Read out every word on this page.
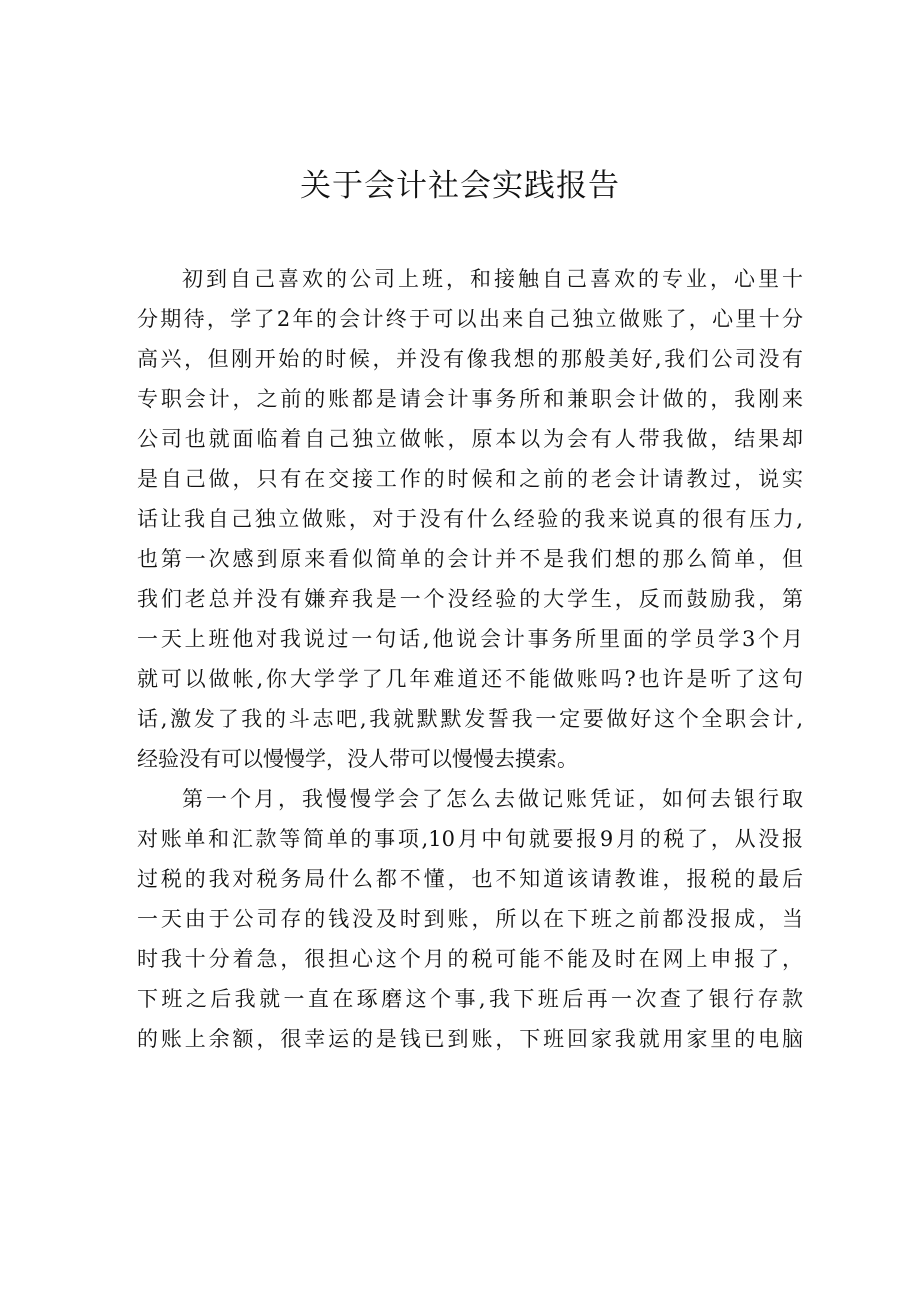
关于会计社会实践报告
初到自己喜欢的公司上班，和接触自己喜欢的专业，心里十
分期待，学了2年的会计终于可以出来自己独立做账了，心里十分
高兴，但刚开始的时候，并没有像我想的那般美好,我们公司没有
专职会计，之前的账都是请会计事务所和兼职会计做的，我刚来
公司也就面临着自己独立做帐，原本以为会有人带我做，结果却
是自己做，只有在交接工作的时候和之前的老会计请教过，说实
话让我自己独立做账，对于没有什么经验的我来说真的很有压力,
也第一次感到原来看似简单的会计并不是我们想的那么简单，但
我们老总并没有嫌弃我是一个没经验的大学生，反而鼓励我，第
一天上班他对我说过一句话,他说会计事务所里面的学员学3个月
就可以做帐,你大学学了几年难道还不能做账吗?也许是听了这句
话,激发了我的斗志吧,我就默默发誓我一定要做好这个全职会计,
经验没有可以慢慢学，没人带可以慢慢去摸索。
第一个月，我慢慢学会了怎么去做记账凭证，如何去银行取
对账单和汇款等简单的事项,10月中旬就要报9月的税了，从没报
过税的我对税务局什么都不懂，也不知道该请教谁，报税的最后
一天由于公司存的钱没及时到账，所以在下班之前都没报成，当
时我十分着急，很担心这个月的税可能不能及时在网上申报了，
下班之后我就一直在琢磨这个事,我下班后再一次查了银行存款
的账上余额，很幸运的是钱已到账，下班回家我就用家里的电脑
